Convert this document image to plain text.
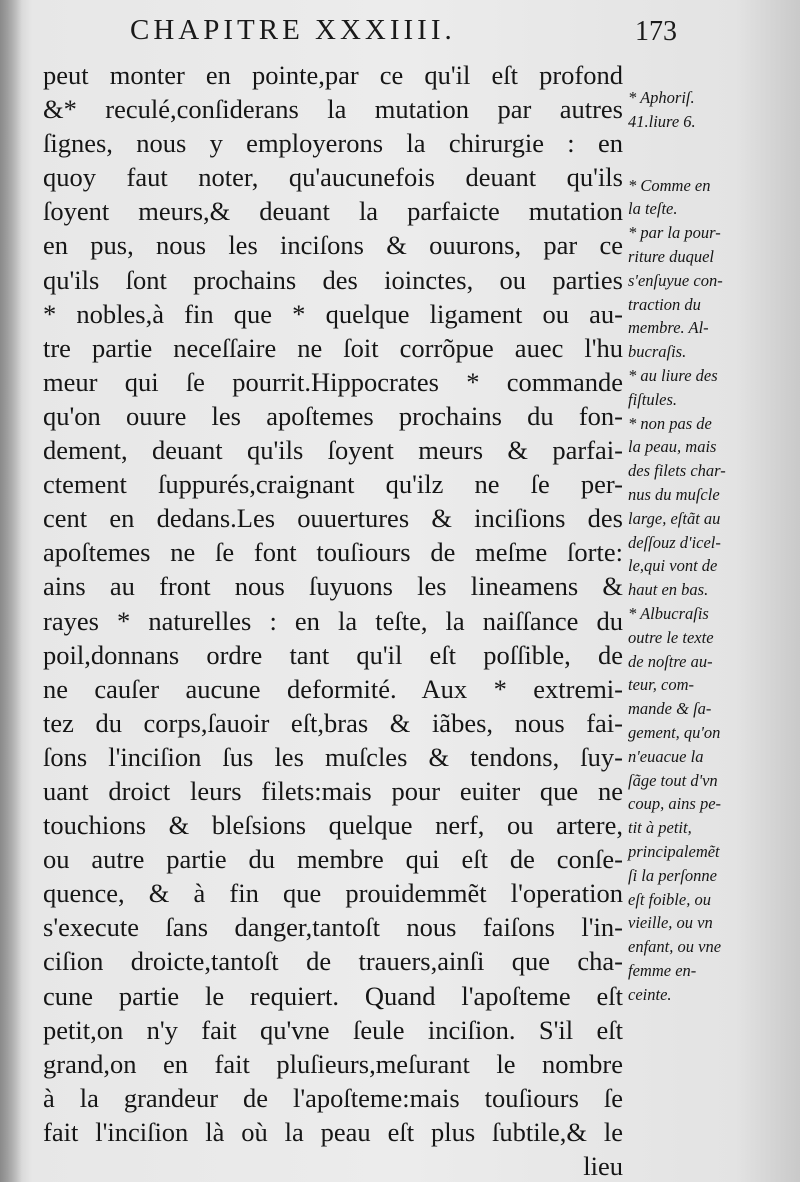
CHAPITRE XXXIIII.	173
peut monter en pointe,par ce qu'il eſt profond
&* reculé,conſiderans la mutation par autres
ſignes, nous y employerons la chirurgie : en
quoy faut noter, qu'aucunefois deuant qu'ils
ſoyent meurs,& deuant la parfaicte mutation
en pus, nous les inciſons & ouurons, par ce
qu'ils ſont prochains des ioinctes, ou parties
* nobles,à fin que * quelque ligament ou au-
tre partie neceſſaire ne ſoit corrõpue auec l'hu
meur qui ſe pourrit.Hippocrates * commande
qu'on ouure les apoſtemes prochains du fon-
dement, deuant qu'ils ſoyent meurs & parfai-
ctement ſuppurés,craignant qu'ilz ne ſe per-
cent en dedans.Les ouuertures & inciſions des
apoſtemes ne ſe font touſiours de meſme ſorte:
ains au front nous ſuyuons les lineamens &
rayes * naturelles : en la teſte, la naiſſance du
poil,donnans ordre tant qu'il eſt poſſible, de
ne cauſer aucune deformité. Aux * extremi-
tez du corps,ſauoir eſt,bras & iãbes, nous fai-
ſons l'inciſion ſus les muſcles & tendons, ſuy-
uant droict leurs filets:mais pour euiter que ne
touchions & bleſsions quelque nerf, ou artere,
ou autre partie du membre qui eſt de conſe-
quence, & à fin que prouidemmẽt l'operation
s'execute ſans danger,tantoſt nous faiſons l'in-
ciſion droicte,tantoſt de trauers,ainſi que cha-
cune partie le requiert. Quand l'apoſteme eſt
petit,on n'y fait qu'vne ſeule inciſion. S'il eſt
grand,on en fait pluſieurs,meſurant le nombre
à la grandeur de l'apoſteme:mais touſiours ſe
fait l'inciſion là où la peau eſt plus ſubtile,& le
lieu
* Aphoriſ.
41.liure 6.
* Comme en
la teſte.
* par la pour-
riture duquel
s'enſuyue con-
traction du
membre. Al-
bucraſis.
* au liure des
fiſtules.
* non pas de
la peau, mais
des filets char-
nus du muſcle
large, eſtãt au
deſſouz d'icel-
le,qui vont de
haut en bas.
* Albucraſis
outre le texte
de noſtre au-
teur, com-
mande & ſa-
gement, qu'on
n'euacue la
ſãge tout d'vn
coup, ains pe-
tit à petit,
principalemẽt
ſi la perſonne
eſt foible, ou
vieille, ou vn
enfant, ou vne
femme en-
ceinte.
